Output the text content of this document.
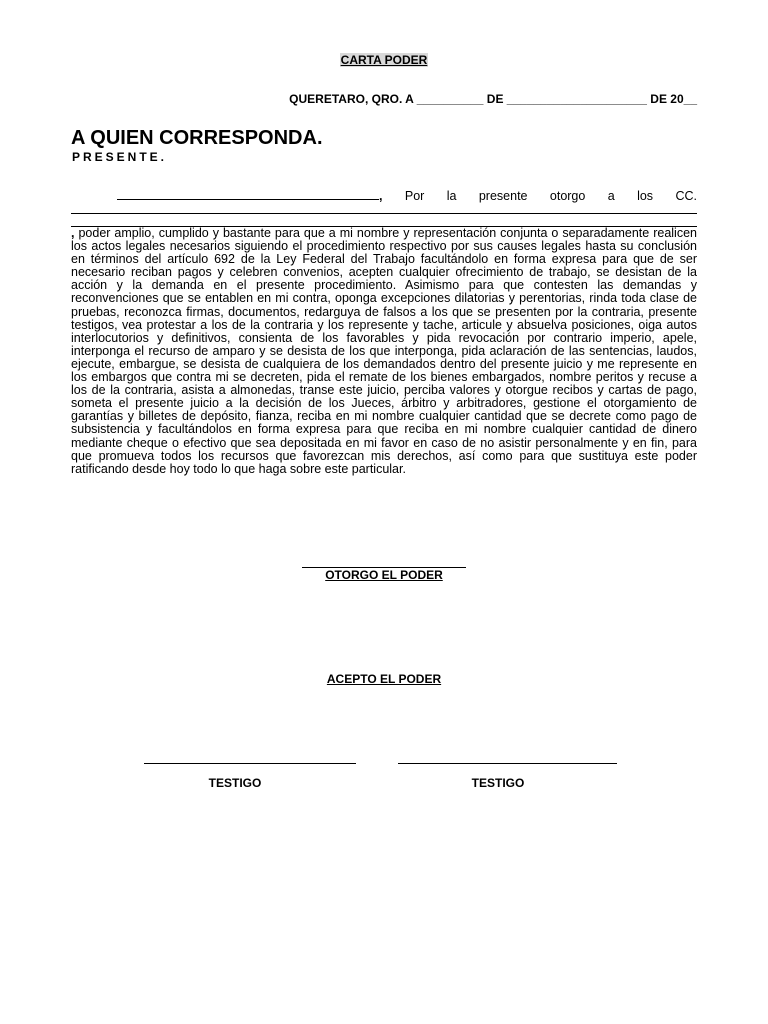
CARTA PODER
QUERETARO, QRO. A __________ DE _____________________ DE 20__
A QUIEN CORRESPONDA.
PRESENTE.
, Por la presente otorgo a los CC.
, poder amplio, cumplido y bastante para que a mi nombre y representación conjunta o separadamente realicen los actos legales necesarios siguiendo el procedimiento respectivo por sus causes legales hasta su conclusión en términos del artículo 692 de la Ley Federal del Trabajo facultándolo en forma expresa para que de ser necesario reciban pagos y celebren convenios, acepten cualquier ofrecimiento de trabajo, se desistan de la acción y la demanda en el presente procedimiento. Asimismo para que contesten las demandas y reconvenciones que se entablen en mi contra, oponga excepciones dilatorias y perentorias, rinda toda clase de pruebas, reconozca firmas, documentos, redarguya de falsos a los que se presenten por la contraria, presente testigos, vea protestar a los de la contraria y los represente y tache, articule y absuelva posiciones, oiga autos interlocutorios y definitivos, consienta de los favorables y pida revocación por contrario imperio, apele, interponga el recurso de amparo y se desista de los que interponga, pida aclaración de las sentencias, laudos, ejecute, embargue, se desista de cualquiera de los demandados dentro del presente juicio y me represente en los embargos que contra mi se decreten, pida el remate de los bienes embargados, nombre peritos y recuse a los de la contraria, asista a almonedas, transe este juicio, perciba valores y otorgue recibos y cartas de pago, someta el presente juicio a la decisión de los Jueces, árbitro y arbitradores, gestione el otorgamiento de garantías y billetes de depósito, fianza, reciba en mi nombre cualquier cantidad que se decrete como pago de subsistencia y facultándolos en forma expresa para que reciba en mi nombre cualquier cantidad de dinero mediante cheque o efectivo que sea depositada en mi favor en caso de no asistir personalmente y en fin, para que promueva todos los recursos que favorezcan mis derechos, así como para que sustituya este poder ratificando desde hoy todo lo que haga sobre este particular.
OTORGO EL PODER
ACEPTO EL PODER
TESTIGO	TESTIGO
